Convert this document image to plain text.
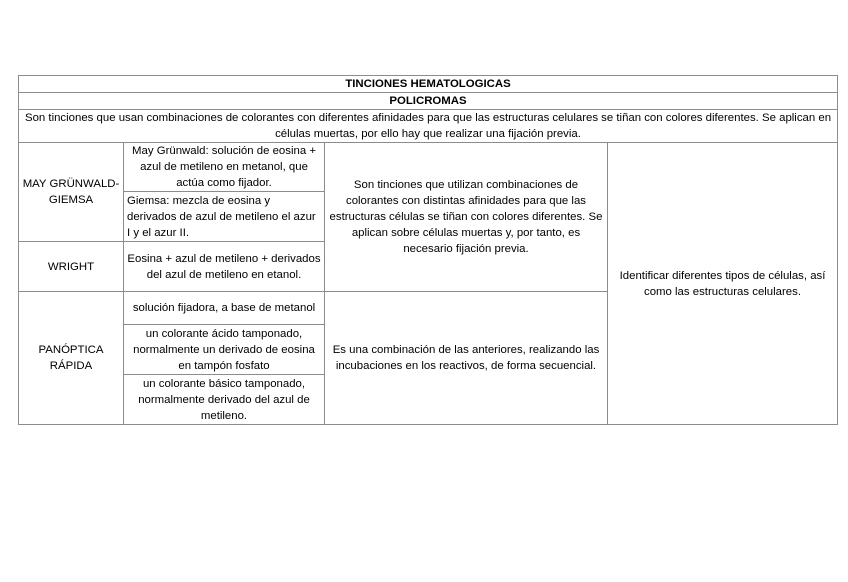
TINCIONES HEMATOLOGICAS			
POLICROMAS			
Son tinciones que usan combinaciones de colorantes con diferentes afinidades para que las estructuras celulares se tiñan con colores diferentes. Se aplican en células muertas, por ello hay que realizar una fijación previa.			
MAY GRÜNWALD-GIEMSA	May Grünwald: solución de eosina + azul de metileno en metanol, que actúa como fijador.	Son tinciones que utilizan combinaciones de colorantes con distintas afinidades para que las estructuras células se tiñan con colores diferentes. Se aplican sobre células muertas y, por tanto, es necesario fijación previa.	Identificar diferentes tipos de células, así como las estructuras celulares.
	Giemsa: mezcla de eosina y derivados de azul de metileno el azur I y el azur II.		
WRIGHT	Eosina + azul de metileno + derivados del azul de metileno en etanol.		
PANÓPTICA RÁPIDA	solución fijadora, a base de metanol	Es una combinación de las anteriores, realizando las incubaciones en los reactivos, de forma secuencial.	
	un colorante ácido tamponado, normalmente un derivado de eosina en tampón fosfato		
	un colorante básico tamponado, normalmente derivado del azul de metileno.		
